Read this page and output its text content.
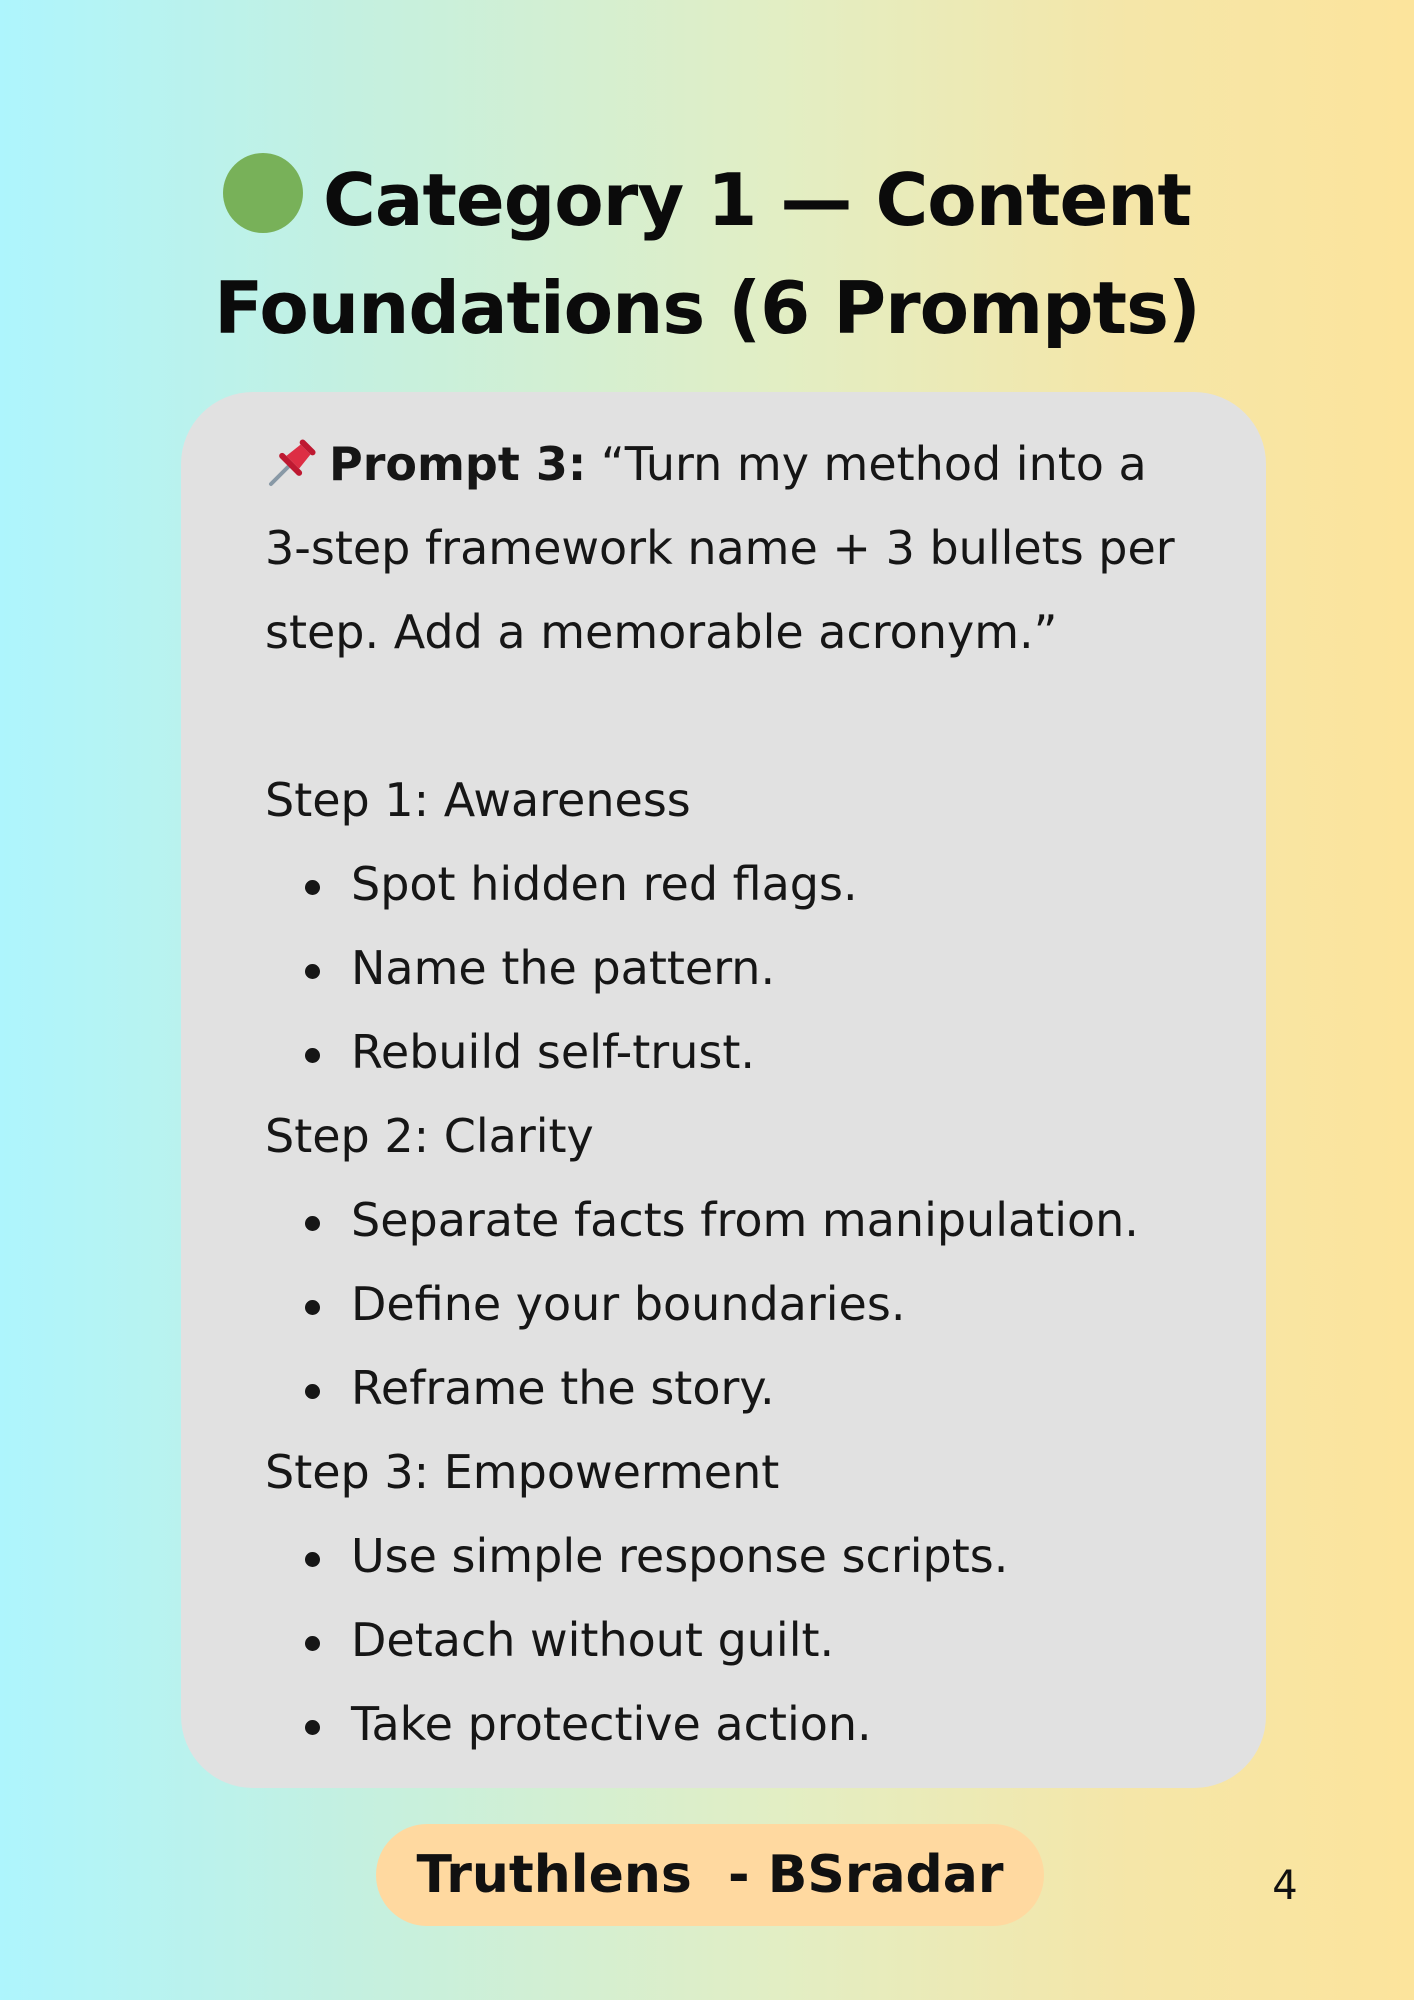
Category 1 — Content
Foundations (6 Prompts)
Prompt 3: “Turn my method into a
3-step framework name + 3 bullets per
step. Add a memorable acronym.”
Step 1: Awareness
Spot hidden red flags.
Name the pattern.
Rebuild self-trust.
Step 2: Clarity
Separate facts from manipulation.
Define your boundaries.
Reframe the story.
Step 3: Empowerment
Use simple response scripts.
Detach without guilt.
Take protective action.
Truthlens  - BSradar	4
